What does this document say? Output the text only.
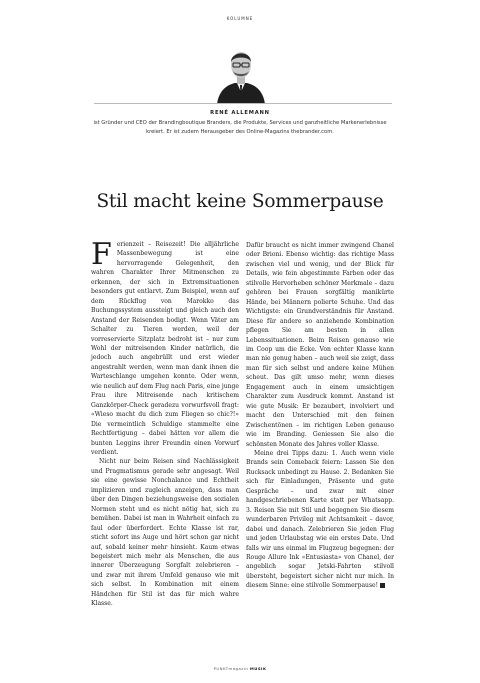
KOLUMNE
RENÉ ALLEMANN
ist Gründer und CEO der Brandingboutique Branders, die Produkte, Services und ganzheitliche Markenerlebnisse kreiert. Er ist zudem Herausgeber des Online-Magazins thebrander.com.
Stil macht keine Sommerpause

Ferienzeit – Reisezeit! Die alljährliche Massenbewegung ist eine hervorragende Gelegenheit, den wahren Charakter Ihrer Mitmenschen zu erkennen, der sich in Extremsituationen besonders gut entlarvt. Zum Beispiel, wenn auf dem Rückflug von Marokko das Buchungssystem aussteigt und gleich auch den Anstand der Reisenden bodigt. Wenn Väter am Schalter zu Tieren werden, weil der vorreservierte Sitzplatz bedroht ist – nur zum Wohl der mitreisenden Kinder natürlich, die jedoch auch angebrüllt und erst wieder angestrahlt werden, wenn man dank ihnen die Warteschlange umgehen konnte. Oder wenn, wie neulich auf dem Flug nach Paris, eine junge Frau ihre Mitreisende nach kritischem Ganzkörper-Check geradezu vorwurfsvoll fragt: «Wieso macht du dich zum Fliegen so chic?!» Die vermeintlich Schuldige stammelte eine Rechtfertigung – dabei hätten vor allem die bunten Leggins ihrer Freundin einen Vorwurf verdient.

Nicht nur beim Reisen sind Nachlässigkeit und Pragmatismus gerade sehr angesagt. Weil sie eine gewisse Nonchalance und Echtheit implizieren und zugleich anzeigen, dass man über den Dingen beziehungsweise den sozialen Normen steht und es nicht nötig hat, sich zu bemühen. Dabei ist man in Wahrheit einfach zu faul oder überfordert. Echte Klasse ist rar, sticht sofort ins Auge und hört schon gar nicht auf, sobald keiner mehr hinsieht. Kaum etwas begeistert mich mehr als Menschen, die aus innerer Überzeugung Sorgfalt zelebrieren – und zwar mit ihrem Umfeld genauso wie mit sich selbst. In Kombination mit einem Händchen für Stil ist das für mich wahre Klasse.

Dafür braucht es nicht immer zwingend Chanel oder Brioni. Ebenso wichtig: das richtige Mass zwischen viel und wenig, und der Blick für Details, wie fein abgestimmte Farben oder das stilvolle Hervorheben schöner Merkmale – dazu gehören bei Frauen sorgfältig manikürte Hände, bei Männern polierte Schuhe. Und das Wichtigste: ein Grundverständnis für Anstand. Diese für andere so anziehende Kombination pflegen Sie am besten in allen Lebenssituationen. Beim Reisen genauso wie im Coop um die Ecke. Von echter Klasse kann man nie genug haben – auch weil sie zeigt, dass man für sich selbst und andere keine Mühen scheut. Das gilt umso mehr, wenn dieses Engagement auch in einem umsichtigen Charakter zum Ausdruck kommt. Anstand ist wie gute Musik: Er bezaubert, involviert und macht den Unterschied mit den feinen Zwischentönen – im richtigen Leben genauso wie im Branding. Geniessen Sie also die schönsten Monate des Jahres voller Klasse.

Meine drei Tipps dazu: 1. Auch wenn viele Brands sein Comeback feiern: Lassen Sie den Rucksack unbedingt zu Hause. 2. Bedanken Sie sich für Einladungen, Präsente und gute Gespräche – und zwar mit einer handgeschriebenen Karte statt per Whatsapp. 3. Reisen Sie mit Stil und begegnen Sie diesem wunderbaren Privileg mit Achtsamkeit – davor, dabei und danach. Zelebrieren Sie jeden Flug und jeden Urlaubstag wie ein erstes Date. Und falls wir uns einmal im Flugzeug begegnen: der Rouge Allure Ink «Entusiasta» von Chanel, der angeblich sogar Jetski-Fahrten stilvoll übersteht, begeistert sicher nicht nur mich. In diesem Sinne: eine stilvolle Sommerpause!

PUNKTmagazin MUSIK
